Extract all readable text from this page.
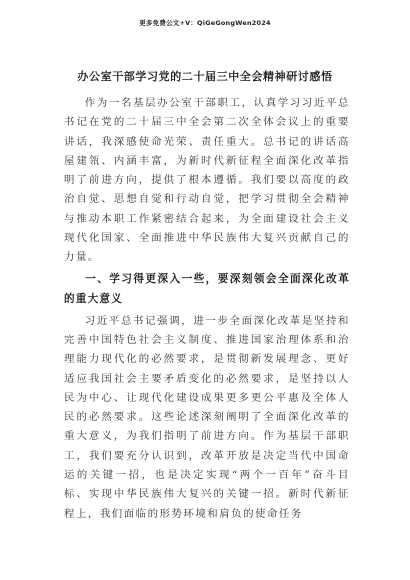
更多免费公文+V：QiGeGongWen2024
办公室干部学习党的二十届三中全会精神研讨感悟

作为一名基层办公室干部职工，认真学习习近平总书记在党的二十届三中全会第二次全体会议上的重要讲话，我深感使命光荣、责任重大。总书记的讲话高屋建瓴、内涵丰富，为新时代新征程全面深化改革指明了前进方向，提供了根本遵循。我们要以高度的政治自觉、思想自觉和行动自觉，把学习贯彻全会精神与推动本职工作紧密结合起来，为全面建设社会主义现代化国家、全面推进中华民族伟大复兴贡献自己的力量。

一、学习得更深入一些，要深刻领会全面深化改革的重大意义

习近平总书记强调，进一步全面深化改革是坚持和完善中国特色社会主义制度、推进国家治理体系和治理能力现代化的必然要求，是贯彻新发展理念、更好适应我国社会主要矛盾变化的必然要求，是坚持以人民为中心、让现代化建设成果更多更公平惠及全体人民的必然要求。这些论述深刻阐明了全面深化改革的重大意义，为我们指明了前进方向。作为基层干部职工，我们要充分认识到，改革开放是决定当代中国命运的关键一招，也是决定实现“两个一百年”奋斗目标、实现中华民族伟大复兴的关键一招。新时代新征程上，我们面临的形势环境和肩负的使命任务
